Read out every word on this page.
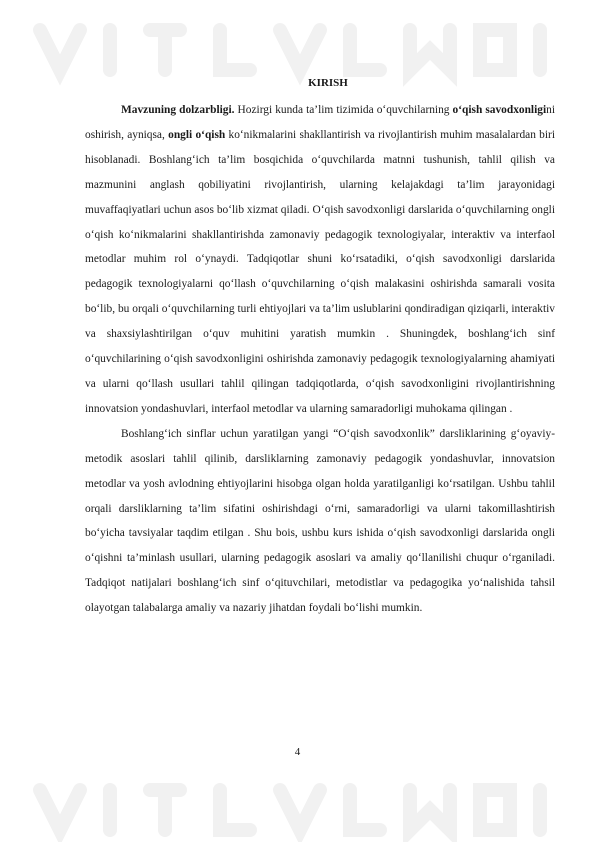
KIRISH

Mavzuning dolzarbligi. Hozirgi kunda ta’lim tizimida o‘quvchilarning o‘qish savodxonligini oshirish, ayniqsa, ongli o‘qish ko‘nikmalarini shakllantirish va rivojlantirish muhim masalalardan biri hisoblanadi. Boshlang‘ich ta’lim bosqichida o‘quvchilarda matnni tushunish, tahlil qilish va mazmunini anglash qobiliyatini rivojlantirish, ularning kelajakdagi ta’lim jarayonidagi muvaffaqiyatlari uchun asos bo‘lib xizmat qiladi. O‘qish savodxonligi darslarida o‘quvchilarning ongli o‘qish ko‘nikmalarini shakllantirishda zamonaviy pedagogik texnologiyalar, interaktiv va interfaol metodlar muhim rol o‘ynaydi. Tadqiqotlar shuni ko‘rsatadiki, o‘qish savodxonligi darslarida pedagogik texnologiyalarni qo‘llash o‘quvchilarning o‘qish malakasini oshirishda samarali vosita bo‘lib, bu orqali o‘quvchilarning turli ehtiyojlari va ta’lim uslublarini qondiradigan qiziqarli, interaktiv va shaxsiylashtirilgan o‘quv muhitini yaratish mumkin . Shuningdek, boshlang‘ich sinf o‘quvchilarining o‘qish savodxonligini oshirishda zamonaviy pedagogik texnologiyalarning ahamiyati va ularni qo‘llash usullari tahlil qilingan tadqiqotlarda, o‘qish savodxonligini rivojlantirishning innovatsion yondashuvlari, interfaol metodlar va ularning samaradorligi muhokama qilingan .

Boshlang‘ich sinflar uchun yaratilgan yangi “O‘qish savodxonlik” darsliklarining g‘oyaviy-metodik asoslari tahlil qilinib, darsliklarning zamonaviy pedagogik yondashuvlar, innovatsion metodlar va yosh avlodning ehtiyojlarini hisobga olgan holda yaratilganligi ko‘rsatilgan. Ushbu tahlil orqali darsliklarning ta’lim sifatini oshirishdagi o‘rni, samaradorligi va ularni takomillashtirish bo‘yicha tavsiyalar taqdim etilgan . Shu bois, ushbu kurs ishida o‘qish savodxonligi darslarida ongli o‘qishni ta’minlash usullari, ularning pedagogik asoslari va amaliy qo‘llanilishi chuqur o‘rganiladi. Tadqiqot natijalari boshlang‘ich sinf o‘qituvchilari, metodistlar va pedagogika yo‘nalishida tahsil olayotgan talabalarga amaliy va nazariy jihatdan foydali bo‘lishi mumkin.

4
